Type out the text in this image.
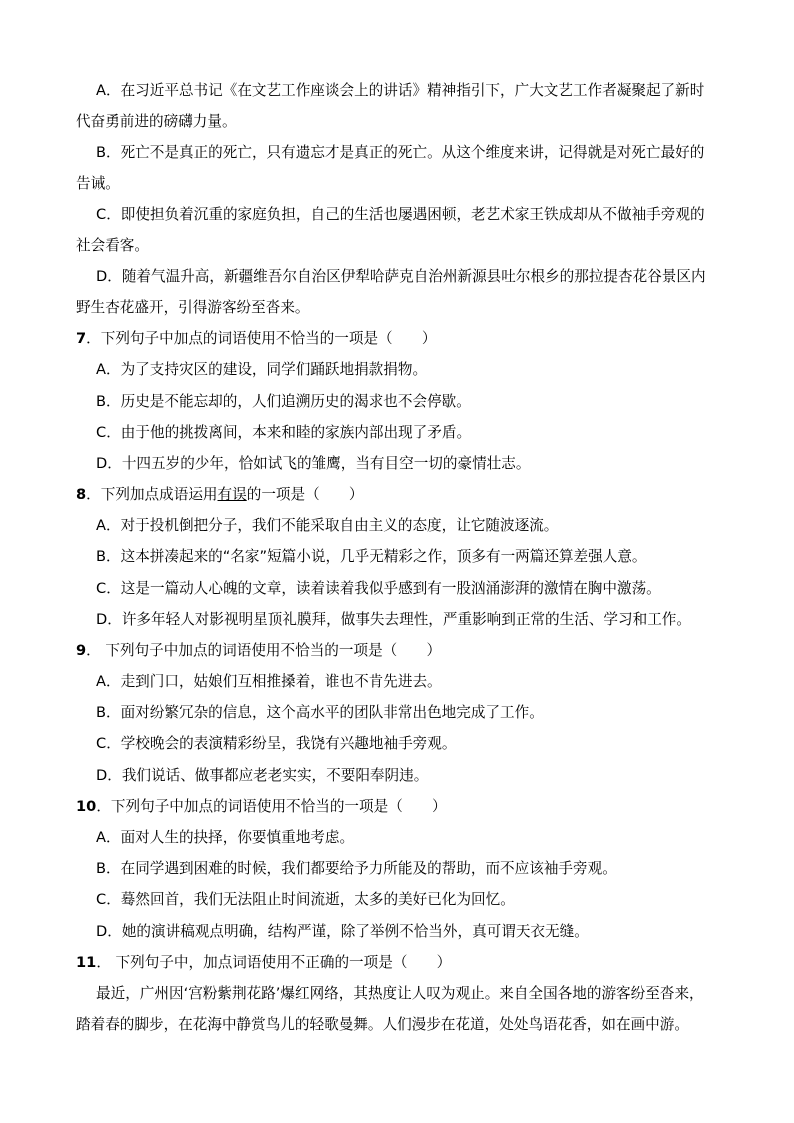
A．在习近平总书记《在文艺工作座谈会上的讲话》精神指引下，广大文艺工作者凝聚起了新时
代奋勇前进的磅礴力量。
B．死亡不是真正的死亡，只有遗忘才是真正的死亡。从这个维度来讲，记得就是对死亡最好的
告诫。
C．即使担负着沉重的家庭负担，自己的生活也屡遇困顿，老艺术家王铁成却从不做袖手旁观的
社会看客。
D．随着气温升高，新疆维吾尔自治区伊犁哈萨克自治州新源县吐尔根乡的那拉提杏花谷景区内
野生杏花盛开，引得游客纷至沓来。
7．下列句子中加点的词语使用不恰当的一项是（　　）
A．为了支持灾区的建设，同学们踊跃地捐款捐物。
B．历史是不能忘却的，人们追溯历史的渴求也不会停歇。
C．由于他的挑拨离间，本来和睦的家族内部出现了矛盾。
D．十四五岁的少年，恰如试飞的雏鹰，当有目空一切的豪情壮志。
8．下列加点成语运用有误的一项是（　　）
A．对于投机倒把分子，我们不能采取自由主义的态度，让它随波逐流。
B．这本拼凑起来的“名家”短篇小说，几乎无精彩之作，顶多有一两篇还算差强人意。
C．这是一篇动人心魄的文章，读着读着我似乎感到有一股汹涌澎湃的激情在胸中激荡。
D．许多年轻人对影视明星顶礼膜拜，做事失去理性，严重影响到正常的生活、学习和工作。
9． 下列句子中加点的词语使用不恰当的一项是（　　）
A．走到门口，姑娘们互相推搡着，谁也不肯先进去。
B．面对纷繁冗杂的信息，这个高水平的团队非常出色地完成了工作。
C．学校晚会的表演精彩纷呈，我饶有兴趣地袖手旁观。
D．我们说话、做事都应老老实实，不要阳奉阴违。
10．下列句子中加点的词语使用不恰当的一项是（　　）
A．面对人生的抉择，你要慎重地考虑。
B．在同学遇到困难的时候，我们都要给予力所能及的帮助，而不应该袖手旁观。
C．蓦然回首，我们无法阻止时间流逝，太多的美好已化为回忆。
D．她的演讲稿观点明确，结构严谨，除了举例不恰当外，真可谓天衣无缝。
11． 下列句子中，加点词语使用不正确的一项是（　　）
最近，广州因‘宫粉紫荆花路’爆红网络，其热度让人叹为观止。来自全国各地的游客纷至沓来，
踏着春的脚步，在花海中静赏鸟儿的轻歌曼舞。人们漫步在花道，处处鸟语花香，如在画中游。
